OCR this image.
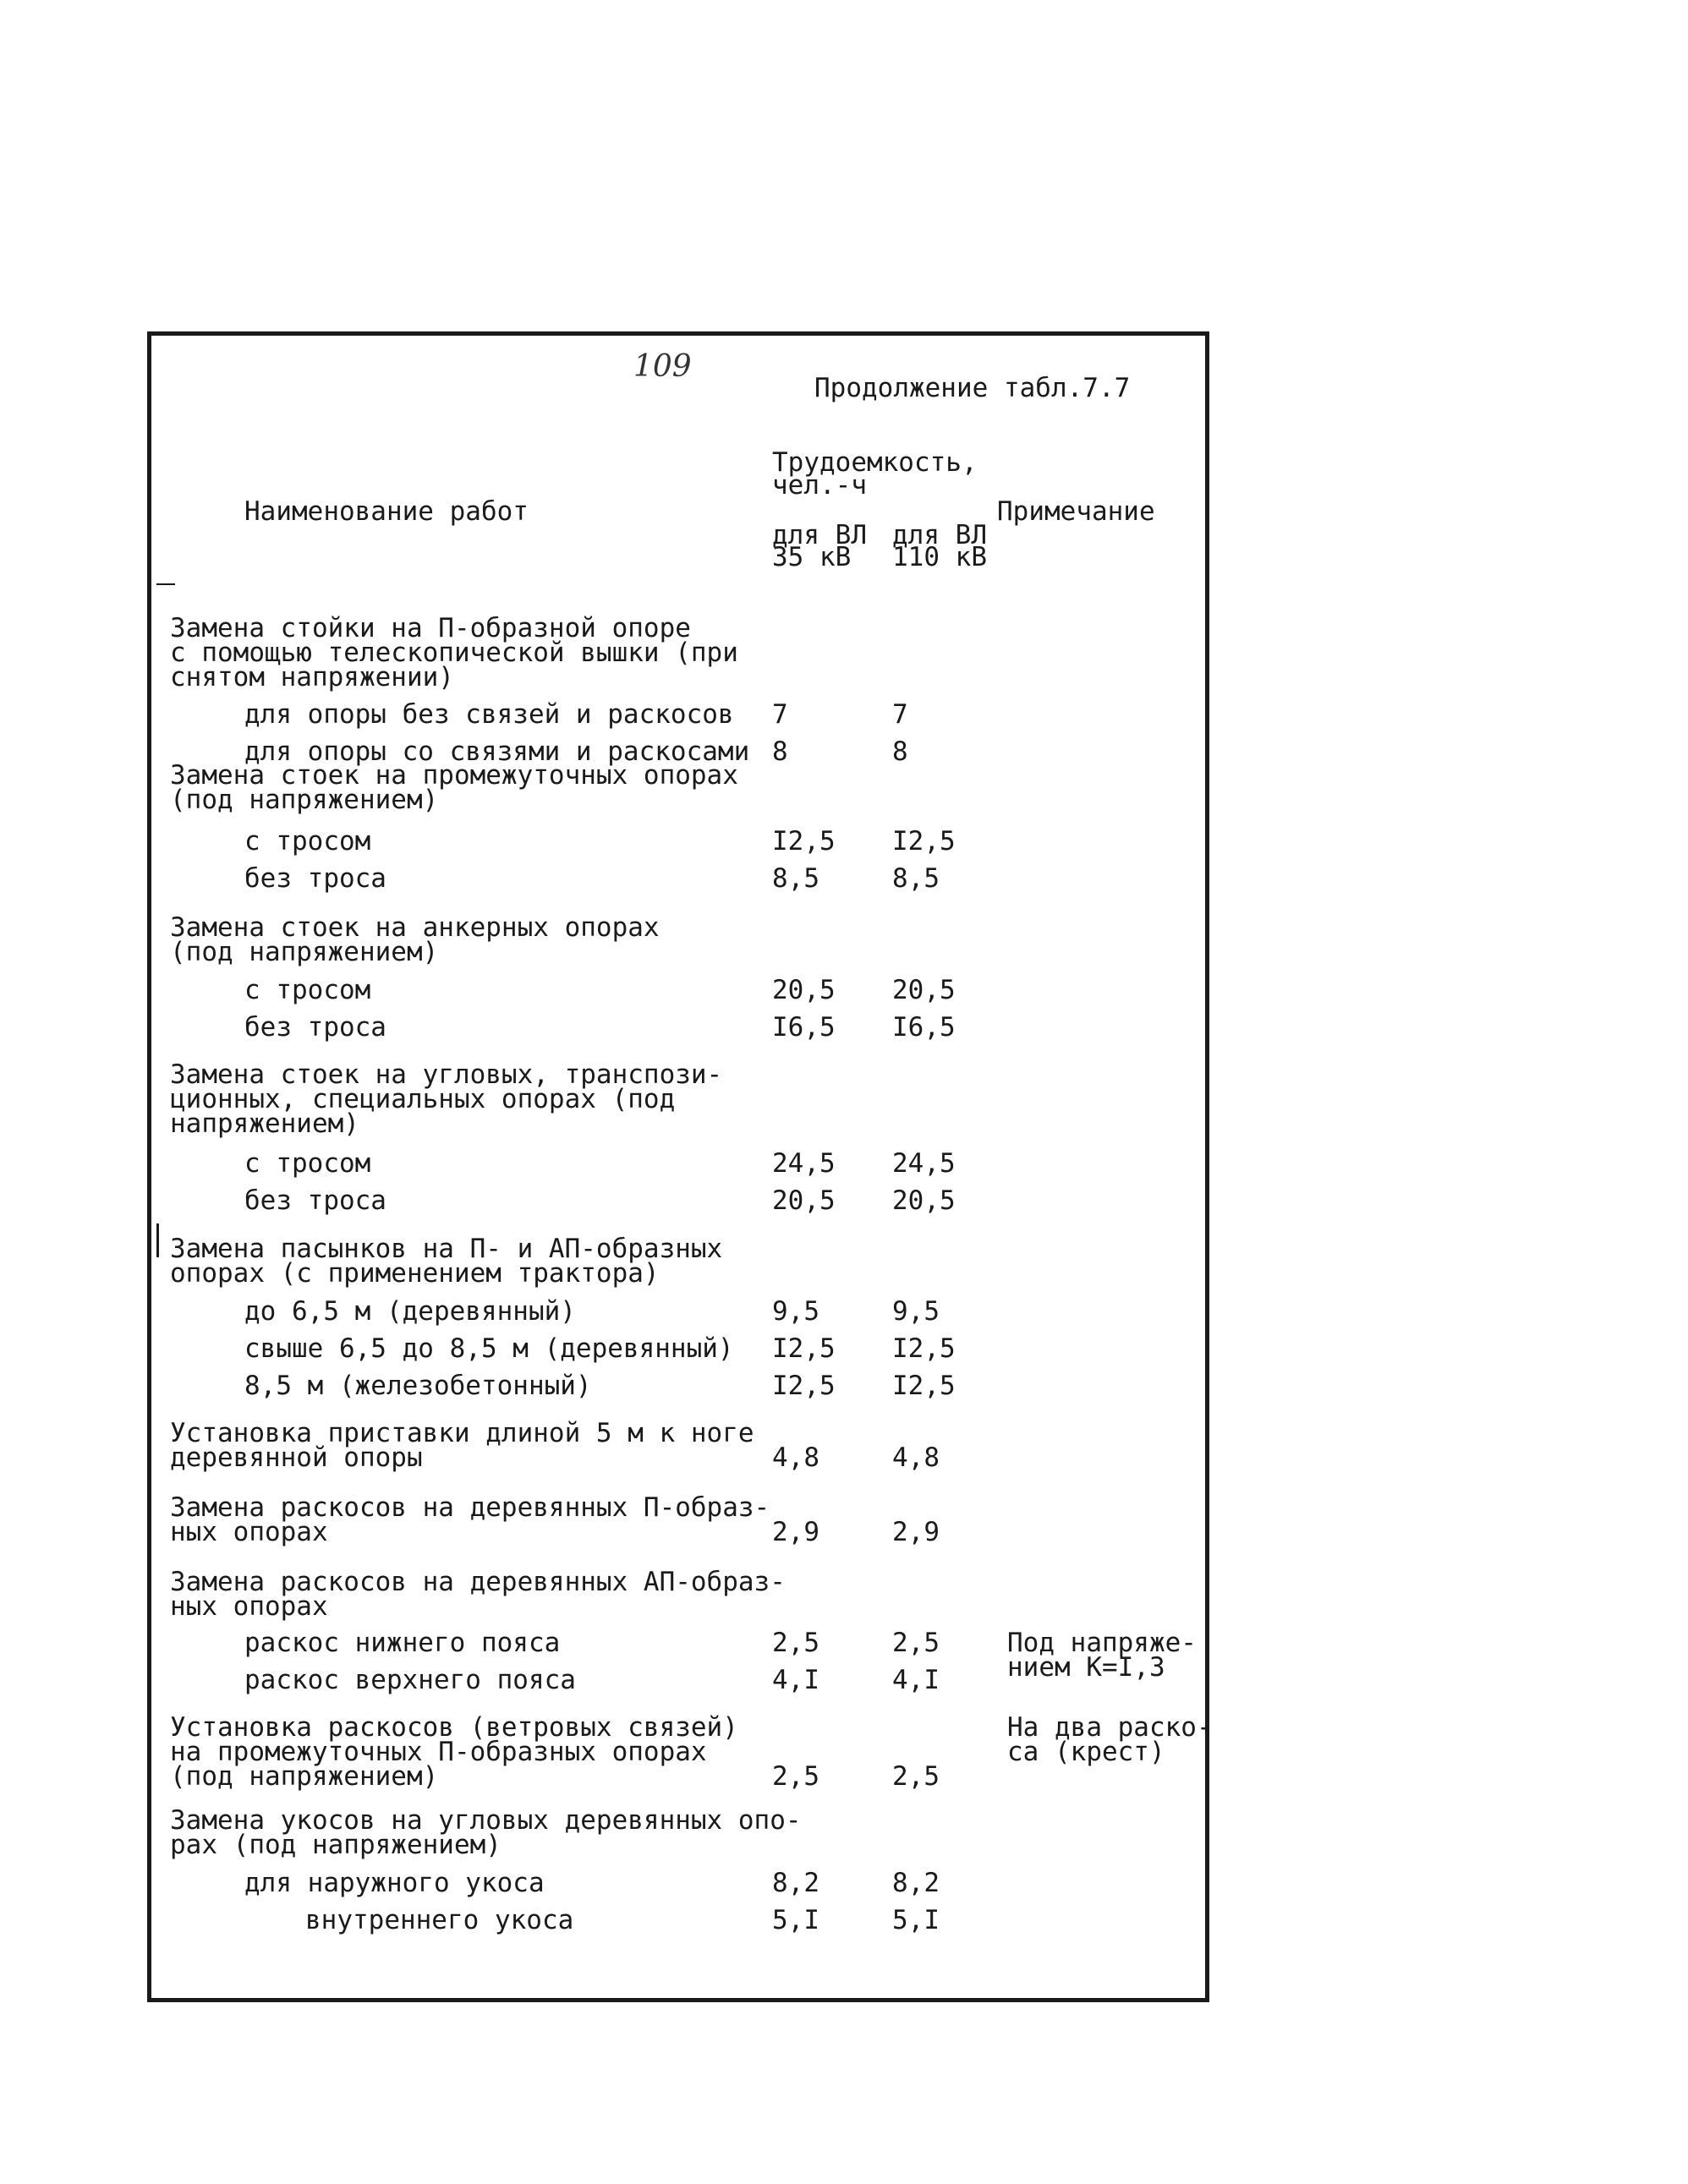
109
Продолжение табл.7.7
Наименование работ
Трудоемкость,
чел.-ч
для ВЛ
35 кВ
для ВЛ
110 кВ
Примечание
Замена стойки на П-образной опоре
с помощью телескопической вышки (при
снятом напряжении)
для опоры без связей и раскосов 7	7
для опоры со связями и раскосами 8	8
Замена стоек на промежуточных опорах
(под напряжением)
с тросом	I2,5 I2,5
без троса	8,5	8,5
Замена стоек на анкерных опорах
(под напряжением)
с тросом	20,5 20,5
без троса	I6,5 I6,5
Замена стоек на угловых, транспози-
ционных, специальных опорах (под
напряжением)
с тросом	24,5 24,5
без троса	20,5 20,5
Замена пасынков на П- и АП-образных
опорах (с применением трактора)
до 6,5 м (деревянный)	9,5	9,5
свыше 6,5 до 8,5 м (деревянный) I2,5 I2,5
8,5 м (железобетонный)	I2,5 I2,5
Установка приставки длиной 5 м к ноге
деревянной опоры	4,8	4,8
Замена раскосов на деревянных П-образ-
ных опорах	2,9	2,9
Замена раскосов на деревянных АП-образ-
ных опорах
раскос нижнего пояса	2,5	2,5	Под напряже-
нием К=I,3
раскос верхнего пояса	4,I	4,I
Установка раскосов (ветровых связей)
на промежуточных П-образных опорах
(под напряжением)	2,5	2,5
На два раско-
са (крест)
Замена укосов на угловых деревянных опо-
рах (под напряжением)
для наружного укоса	8,2	8,2
внутреннего укоса	5,I	5,I
